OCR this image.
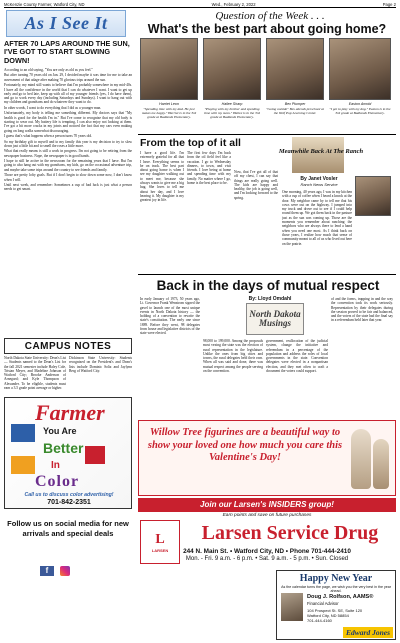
McKenzie County Farmer, Watford City, ND	Wed., February 2, 2022	Page 2
As I See It
AFTER 70 LAPS AROUND THE SUN, I'VE GOT TO START SLOWING DOWN!

According to an old saying, "You are only as old as you feel."

But after turning 70 years old on Jan. 29, I decided maybe it was time for me to take an assessment of that adage after making 70 glorious trips around the sun.

Fortunately, my mind still wants to believe that I'm probably somewhere in my mid-40s. I have all the confidence in the world that I can do whatever I want. I want to get up early and go to bed late, keep up with all of my younger friends (yes, I do have them), and go to work every day (including Saturdays and Sundays). I want to hang out with my children and grandsons and do whatever they want to do.

In other words, I want to do everything that I did as a younger man.

Unfortunately, my body is telling me something different. My doctors says that "My health is good for the health I'm in." But I've come to recognize that my old body is starting to wear out. My battery life is tempting, I can also enjoy not looking at them. I've got a bit more cracks in my joints and noticed the fact that my cars even making going on long walks somewhat discouraging.

I guess that's what happens when a person turns 70 years old.

So my birthday gift to myself and to my family this year is my decision to try to slow down just a little bit and to smell the roses a little more.

What that really means is still a work in progress. I'm not going to be retiring from the newspaper business. Nope, the newspaper is in good hands.

I hope to still be active in the newsroom for the remaining years that I have. But I'm going to also hang out with my grandsons, my kids, go on the occasional adventure trip, and maybe take some trips around the country to see friends and family.

Those are pretty lofty goals. But if I don't begin to slow down some now, I don't know when I will.

Until next week, and remember: Sometimes a cup of bad luck is just what a person needs to get smart.

CAMPUS NOTES
North Dakota State University: Dean's List — Students named to the Dean's List for the fall 2021 semester include Haley Cole, Tristan Meyer, and Madeline Johnson of Watford City; Brooke Anderson of Arnegard; and Kyle Thompson of Alexander. To be eligible, students must earn a 3.5 grade point average or higher.
Dickinson State University: Students recognized on the President's and Dean's lists include Dominic Soliz and Jaylynn Berg of Watford City.
Farmer
You Are
Better
In
Color
Call us to discuss color advertising!
701-842-2351
Follow us on social media for new arrivals and special deals
f
Question of the Week . . .
What's the best part about going home?
Harriet Leon	Hailee Sharp	Bex Plumper	Easton Arnold
"Spending time with my dad. He just makes me happy." Harriet is in the 3rd grade at Badlands Elementary.
"Playing with my brother and spending time with my mom." Hailee is in the 3rd grade at Badlands Elementary.
"Going outside" Bex attends preschool at the Wolf Pup Learning Center.
"I get to play with my dog." Easton is in the 3rd grade at Badlands Elementary.
From the top of it all
I have a good life. I'm extremely grateful for all that I have. Everything seems to be on track. The best part about going home is when I see my daughter walking out to meet me, because she always wants to give me a big hug. She loves to tell me about her day, and I love hearing it. My daughter is my greatest joy in life.
The first few days I'm back from the oil field feel like a vacation. I go to Wednesday dinners, to town, and visit friends. I love being at home and spending time with my family. No matter where I go, home is the best place to be.
Now, that I've got all of that off my chest, I can say that things are really going well. The kids are happy and healthy, the job is going well, and I'm looking forward to the spring.
Meanwhile Back At The Ranch
By Janet Vosler
Ranch News Service
One morning, 40 years ago, I was in my kitchen with a cup of coffee when I heard a knock at the door. My neighbor came by to tell me that his cows were out on the highway. I jumped into my truck and drove out to see if I could help round them up. We got them back in the pasture just as the sun was coming up. Those are the moments you remember about ranching: the neighbors who are always there to lend a hand when you need one most. As I think back on those years, I realize how much that sense of community meant to all of us who lived out here on the prairie.
Back in the days of mutual respect
By: Lloyd Omdahl
North Dakota
Musings
In early January of 1973, 50 years ago, Lt. Governor Frank Wenstrom signed the gavel to launch one of the most unique events in North Dakota history — the holding of a convention to rewrite the state's constitution. The early one since 1889. Before they went, 98 delegates from house and legislative districts of the state were elected.
98,000 to 199,000. Among the proposals most vexing the state was the election of rural representation in the legislature. Unlike the ones from big cities and towns, the rural delegates held their own. When all was said and done, there was mutual respect among the people serving on the convention.
government, reallocation of the judicial system, change the initiative and referendum in a percentage of the population and address the roles of local governments in the state. Convention delegates were elected in a nonpartisan election, and they met often to craft a document the voters could support.
of and the forms, trapping in and the way the convention took its work seriously. Representation by their delegates during the session proved to be fair and balanced, and the voters of the state had the final say in a referendum held later that year.
Willow Tree figurines are a beautiful way to show your loved one how much you care this Valentine's Day!
Join our Larsen's INSIDERS group!
Earn points and save on future purchases
L
LARSEN
Larsen Service Drug
244 N. Main St. • Watford City, ND • Phone 701-444-2410
Mon. - Fri. 9 a.m. - 6 p.m. • Sat. 9 a.m. - 5 p.m. • Sun. Closed
Happy New Year
As the calendar turns the page, we wish you the very best in the year ahead.
Doug J. Rolfson, AAMS®
Financial Advisor
104 Prospect St. SE, Suite 120
Watford City, ND 58854
701-444-4160
Edward Jones
